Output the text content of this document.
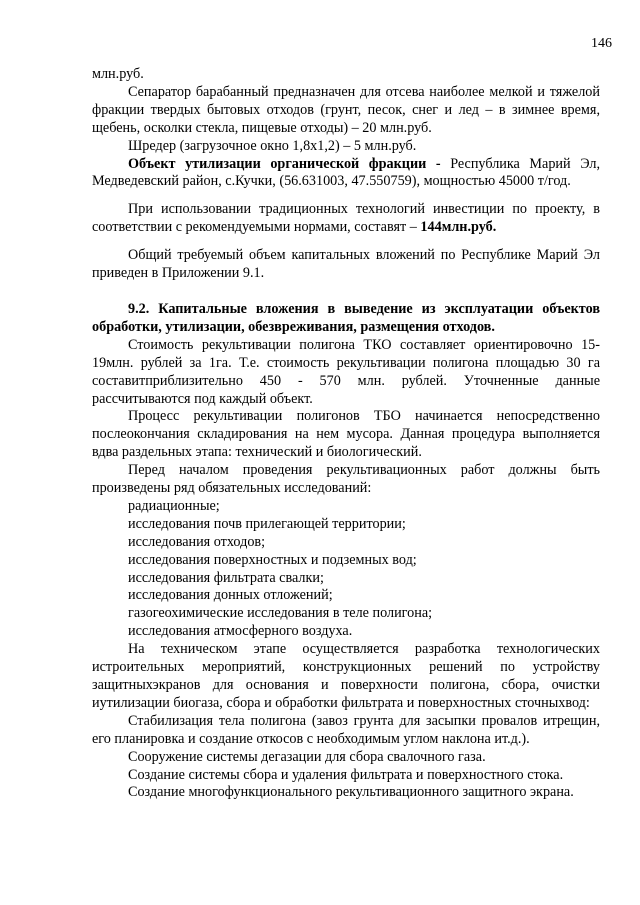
146

млн.руб.

Сепаратор барабанный предназначен для отсева наиболее мелкой и тяжелой фракции твердых бытовых отходов (грунт, песок, снег и лед – в зимнее время, щебень, осколки стекла, пищевые отходы) – 20 млн.руб.

Шредер (загрузочное окно 1,8х1,2) – 5 млн.руб.

Объект утилизации органической фракции - Республика Марий Эл, Медведевский район, с.Кучки, (56.631003, 47.550759), мощностью 45000 т/год.

При использовании традиционных технологий инвестиции по проекту, в соответствии с рекомендуемыми нормами, составят – 144млн.руб.

Общий требуемый объем капитальных вложений по Республике Марий Эл приведен в Приложении 9.1.

9.2. Капитальные вложения в выведение из эксплуатации объектов обработки, утилизации, обезвреживания, размещения отходов.

Стоимость рекультивации полигона ТКО составляет ориентировочно 15-19млн. рублей за 1га. Т.е. стоимость рекультивации полигона площадью 30 га составитприблизительно 450 - 570 млн. рублей. Уточненные данные рассчитываются под каждый объект.

Процесс рекультивации полигонов ТБО начинается непосредственно послеокончания складирования на нем мусора. Данная процедура выполняется вдва раздельных этапа: технический и биологический.

Перед началом проведения рекультивационных работ должны быть произведены ряд обязательных исследований:

радиационные;
исследования почв прилегающей территории;
исследования отходов;
исследования поверхностных и подземных вод;
исследования фильтрата свалки;
исследования донных отложений;
газогеохимические исследования в теле полигона;
исследования атмосферного воздуха.

На техническом этапе осуществляется разработка технологических истроительных мероприятий, конструкционных решений по устройству защитныхэкранов для основания и поверхности полигона, сбора, очистки иутилизации биогаза, сбора и обработки фильтрата и поверхностных сточныхвод:

Стабилизация тела полигона (завоз грунта для засыпки провалов итрещин, его планировка и создание откосов с необходимым углом наклона ит.д.).

Сооружение системы дегазации для сбора свалочного газа.

Создание системы сбора и удаления фильтрата и поверхностного стока.

Создание многофункционального рекультивационного защитного экрана.
